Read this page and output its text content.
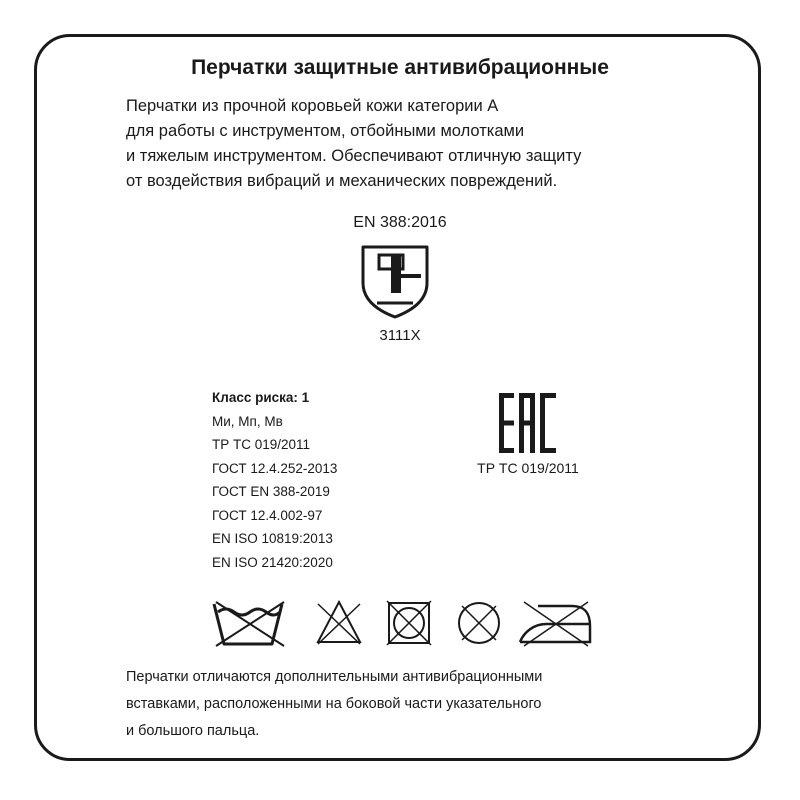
Перчатки защитные антивибрационные

Перчатки из прочной коровьей кожи категории А
для работы с инструментом, отбойными молотками
и тяжелым инструментом. Обеспечивают отличную защиту
от воздействия вибраций и механических повреждений.

EN 388:2016
3111X
Класс риска: 1
Ми, Мп, Мв
ТР ТС 019/2011
ГОСТ 12.4.252-2013
ГОСТ EN 388-2019
ГОСТ 12.4.002-97
EN ISO 10819:2013
EN ISO 21420:2020
ТР ТС 019/2011

Перчатки отличаются дополнительными антивибрационными
вставками, расположенными на боковой части указательного
и большого пальца.
